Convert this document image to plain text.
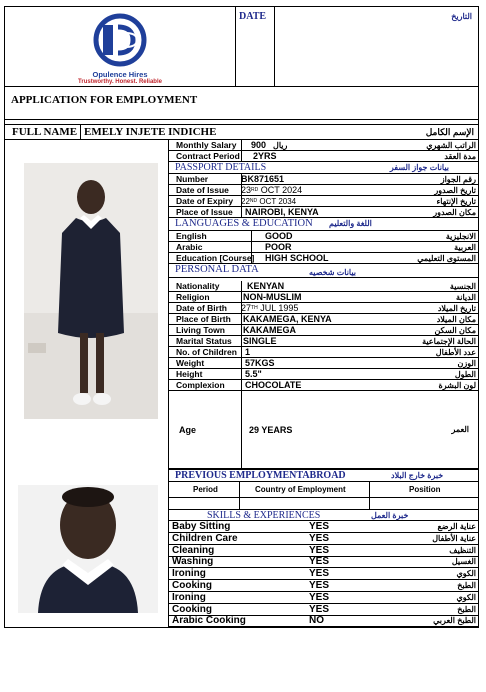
Opulence Hires
Trustworthy. Honest. Reliable
DATE	التاريخ
APPLICATION FOR EMPLOYMENT
FULL NAME EMELY INJETE INDICHE	الإسم الكامل
Monthly Salary 900 ريال	الراتب الشهري
Contract Period 2YRS	مدة العقد
PASSPORT DETAILS	بيانات جواز السفر
Number	BK871651	رقم الجواز
Date of Issue 23RD OCT 2024	تاريخ الصدور
Date of Expiry 22ND OCT 2034	تاريخ الإنتهاء
Place of Issue NAIROBI, KENYA	مكان الصدور
LANGUAGES & EDUCATION اللغة والتعليم
English	GOOD	الانجليزية
Arabic	POOR	العربية
Education [Course] HIGH SCHOOL	المستوى التعليمي
PERSONAL DATA	بيانات شخصيه
Nationality	KENYAN	الجنسية
Religion	NON-MUSLIM	الديانة
Date of Birth 27TH JUL 1995	تاريخ الميلاد
Place of Birth KAKAMEGA, KENYA	مكان الميلاد
Living Town KAKAMEGA	مكان السكن
Marital Status SINGLE	الحالة الإجتماعية
No. of Children 1	عدد الأطفال
Weight	57KGS	الوزن
Height	5.5"	الطول
Complexion CHOCOLATE	لون البشرة
Age	29 YEARS	العمر
PREVIOUS EMPLOYMENTABROAD	خبرة خارج البلاد
Period	Country of Employment	Position
SKILLS & EXPERIENCES	خبرة العمل
Baby Sitting	YES	عناية الرضع
Children Care	YES	عناية الأطفال
Cleaning	YES	التنظيف
Washing	YES	الغسيل
Ironing	YES	الكوي
Cooking	YES	الطبخ
Ironing	YES	الكوي
Cooking	YES	الطبخ
Arabic Cooking	NO	الطبخ العربي
